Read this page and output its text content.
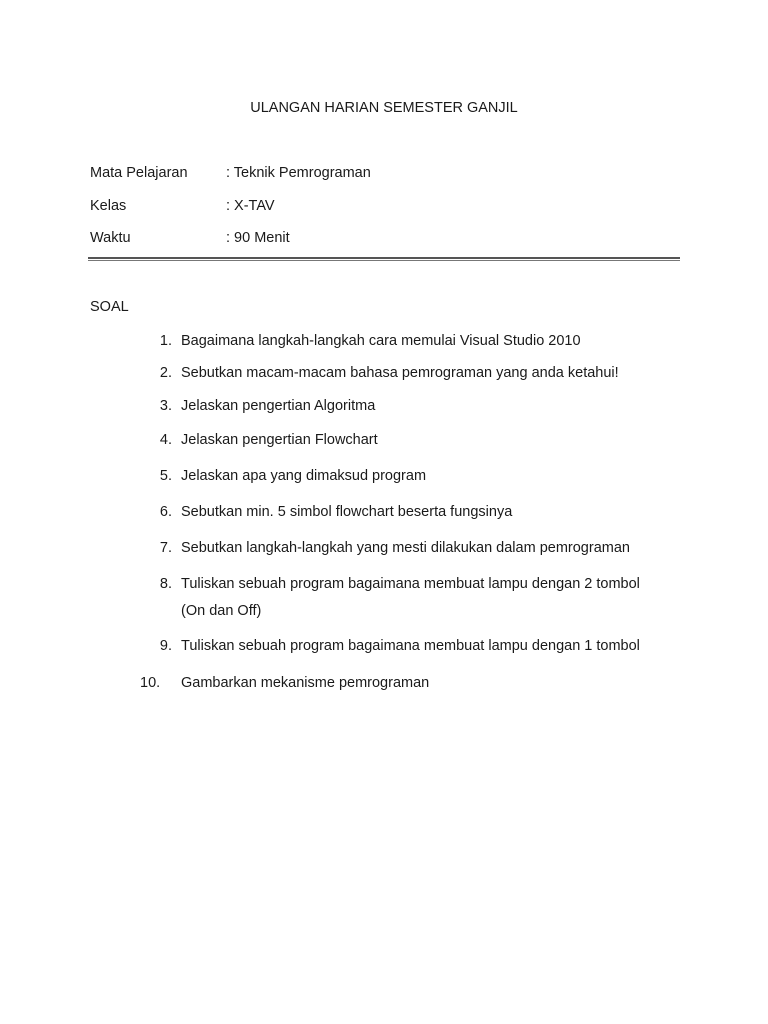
ULANGAN HARIAN SEMESTER GANJIL
Mata Pelajaran	: Teknik Pemrograman
Kelas	: X-TAV
Waktu	: 90 Menit
SOAL
1. Bagaimana langkah-langkah cara memulai Visual Studio 2010
2. Sebutkan macam-macam bahasa pemrograman yang anda ketahui!
3. Jelaskan pengertian Algoritma
4. Jelaskan pengertian Flowchart
5. Jelaskan apa yang dimaksud program
6. Sebutkan min. 5 simbol flowchart beserta fungsinya
7. Sebutkan langkah-langkah yang mesti dilakukan dalam pemrograman
8. Tuliskan sebuah program bagaimana membuat lampu dengan 2 tombol
(On dan Off)
9. Tuliskan sebuah program bagaimana membuat lampu dengan 1 tombol
10.	Gambarkan mekanisme pemrograman
